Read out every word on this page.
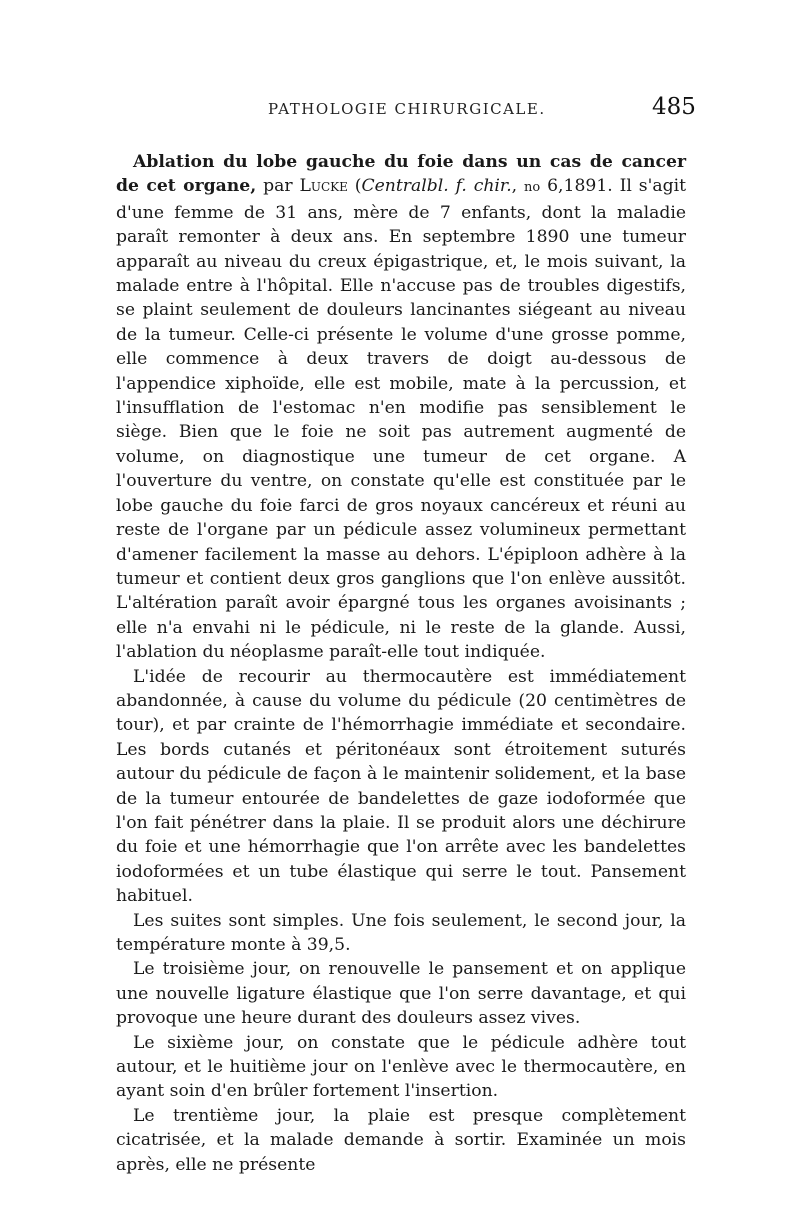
PATHOLOGIE CHIRURGICALE.	485

Ablation du lobe gauche du foie dans un cas de cancer de cet organe, par Lucke (Centralbl. f. chir., no 6,1891. Il s'agit d'une femme de 31 ans, mère de 7 enfants, dont la maladie paraît remonter à deux ans. En septembre 1890 une tumeur apparaît au niveau du creux épigastrique, et, le mois suivant, la malade entre à l'hôpital. Elle n'accuse pas de troubles digestifs, se plaint seulement de douleurs lancinantes siégeant au niveau de la tumeur. Celle-ci présente le volume d'une grosse pomme, elle commence à deux travers de doigt au-dessous de l'appendice xiphoïde, elle est mobile, mate à la percussion, et l'insufflation de l'estomac n'en modifie pas sensiblement le siège. Bien que le foie ne soit pas autrement augmenté de volume, on diagnostique une tumeur de cet organe. A l'ouverture du ventre, on constate qu'elle est constituée par le lobe gauche du foie farci de gros noyaux cancéreux et réuni au reste de l'organe par un pédicule assez volumineux permettant d'amener facilement la masse au dehors. L'épiploon adhère à la tumeur et contient deux gros ganglions que l'on enlève aussitôt. L'altération paraît avoir épargné tous les organes avoisinants ; elle n'a envahi ni le pédicule, ni le reste de la glande. Aussi, l'ablation du néoplasme paraît-elle tout indiquée.

L'idée de recourir au thermocautère est immédiatement abandonnée, à cause du volume du pédicule (20 centimètres de tour), et par crainte de l'hémorrhagie immédiate et secondaire. Les bords cutanés et péritonéaux sont étroitement suturés autour du pédicule de façon à le maintenir solidement, et la base de la tumeur entourée de bandelettes de gaze iodoformée que l'on fait pénétrer dans la plaie. Il se produit alors une déchirure du foie et une hémorrhagie que l'on arrête avec les bandelettes iodoformées et un tube élastique qui serre le tout. Pansement habituel.

Les suites sont simples. Une fois seulement, le second jour, la température monte à 39,5.

Le troisième jour, on renouvelle le pansement et on applique une nouvelle ligature élastique que l'on serre davantage, et qui provoque une heure durant des douleurs assez vives.

Le sixième jour, on constate que le pédicule adhère tout autour, et le huitième jour on l'enlève avec le thermocautère, en ayant soin d'en brûler fortement l'insertion.

Le trentième jour, la plaie est presque complètement cicatrisée, et la malade demande à sortir. Examinée un mois après, elle ne présente
